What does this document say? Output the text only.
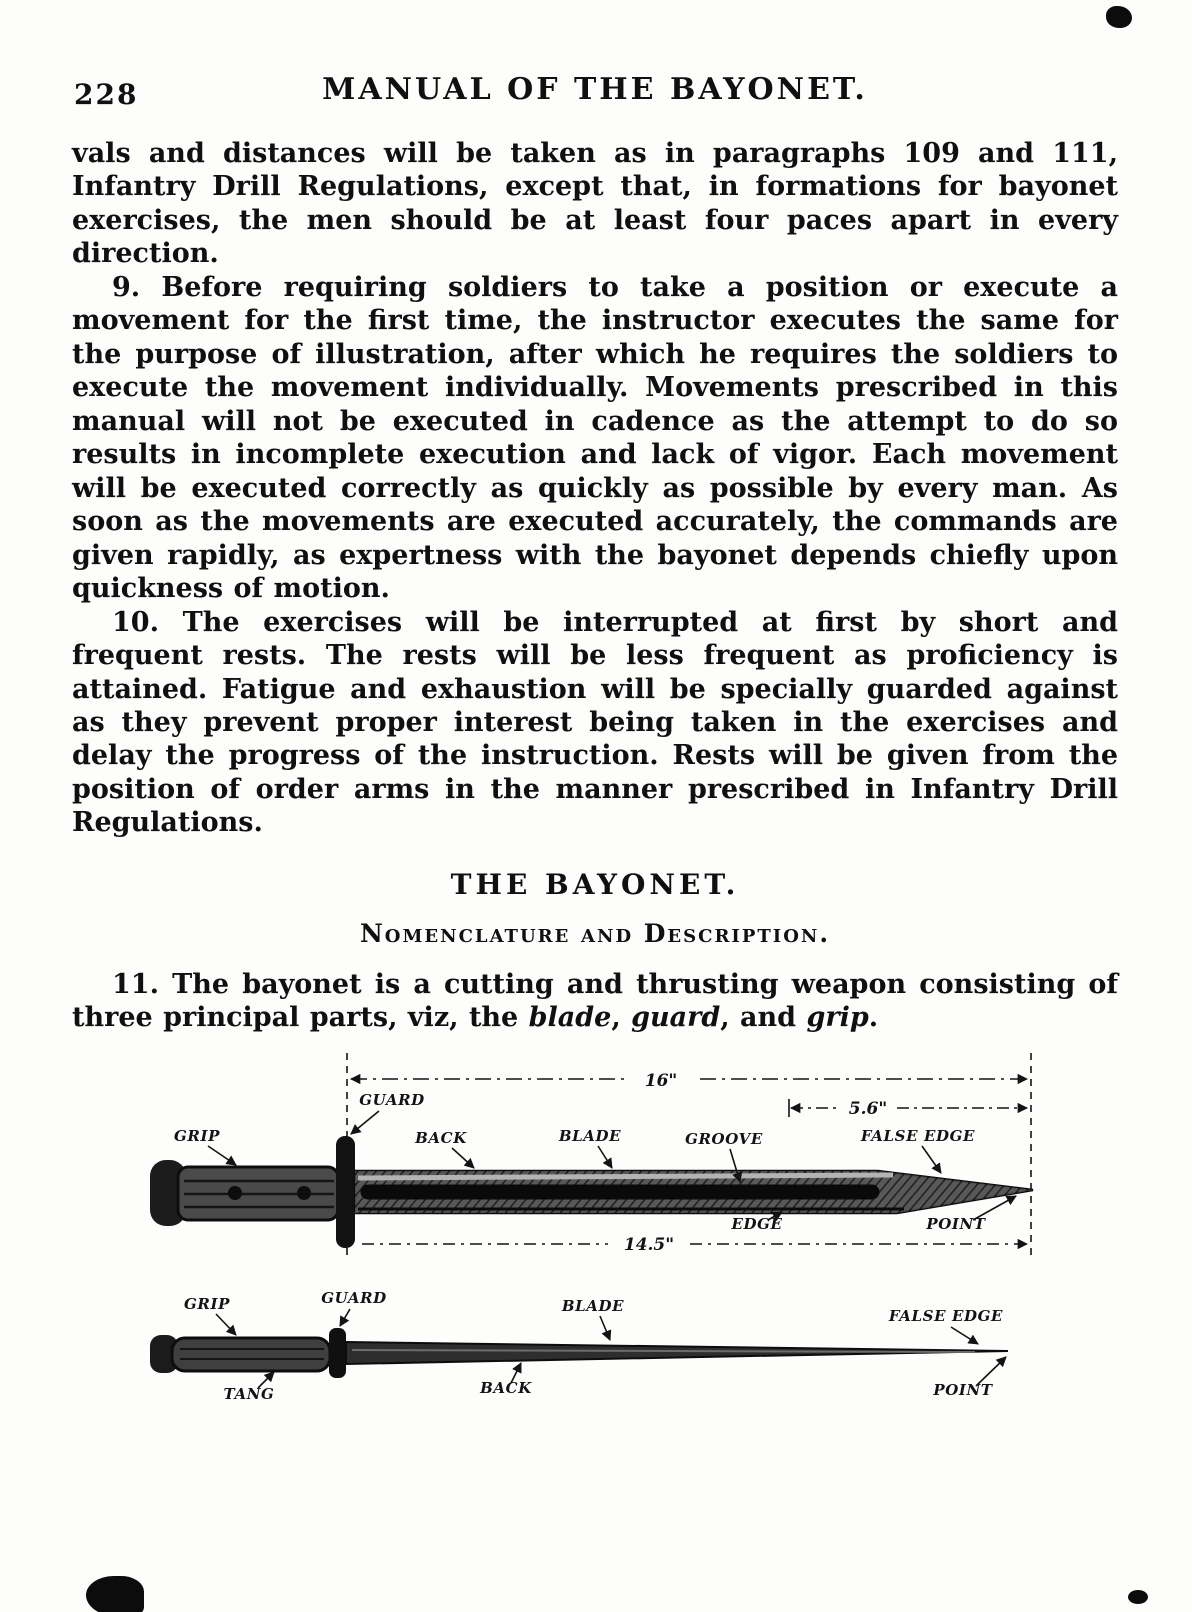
228	MANUAL OF THE BAYONET.

vals and distances will be taken as in paragraphs 109 and 111, Infantry Drill Regulations, except that, in formations for bayonet exercises, the men should be at least four paces apart in every direction.

9. Before requiring soldiers to take a position or execute a movement for the first time, the instructor executes the same for the purpose of illustration, after which he requires the soldiers to execute the movement individually. Movements prescribed in this manual will not be executed in cadence as the attempt to do so results in incomplete execution and lack of vigor. Each movement will be executed correctly as quickly as possible by every man. As soon as the movements are executed accurately, the commands are given rapidly, as expertness with the bayonet depends chiefly upon quickness of motion.

10. The exercises will be interrupted at first by short and frequent rests. The rests will be less frequent as proficiency is attained. Fatigue and exhaustion will be specially guarded against as they prevent proper interest being taken in the exercises and delay the progress of the instruction. Rests will be given from the position of order arms in the manner prescribed in Infantry Drill Regulations.

THE BAYONET.
Nomenclature and Description.

11. The bayonet is a cutting and thrusting weapon consisting of three principal parts, viz, the blade, guard, and grip.

16"
5.6"
GRIP
GUARD
BACK	BLADE	GROOVE	FALSE EDGE
EDGE	POINT
14.5"
GRIP	GUARD	BLADE
FALSE EDGE
TANG	BACK	POINT
